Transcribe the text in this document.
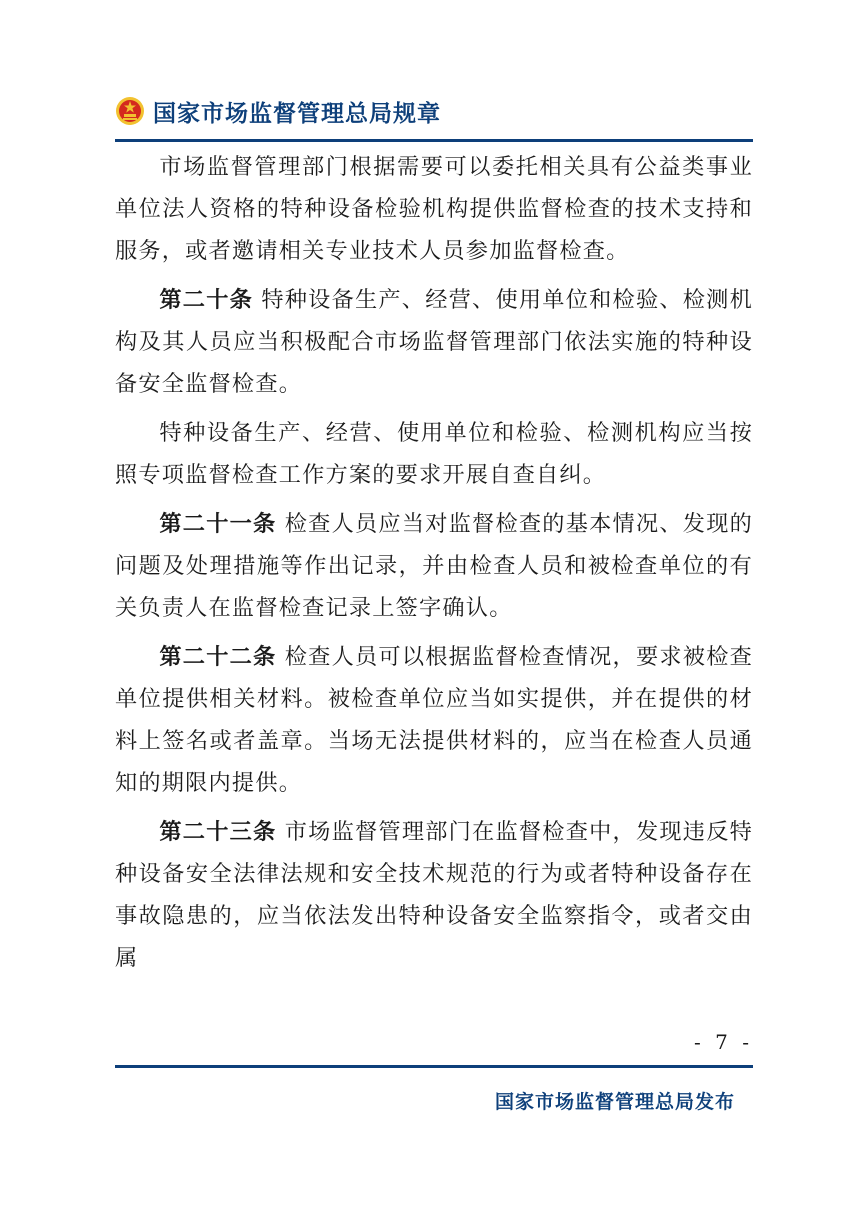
国家市场监督管理总局规章

市场监督管理部门根据需要可以委托相关具有公益类事业单位法人资格的特种设备检验机构提供监督检查的技术支持和服务，或者邀请相关专业技术人员参加监督检查。

第二十条 特种设备生产、经营、使用单位和检验、检测机构及其人员应当积极配合市场监督管理部门依法实施的特种设备安全监督检查。

特种设备生产、经营、使用单位和检验、检测机构应当按照专项监督检查工作方案的要求开展自查自纠。

第二十一条 检查人员应当对监督检查的基本情况、发现的问题及处理措施等作出记录，并由检查人员和被检查单位的有关负责人在监督检查记录上签字确认。

第二十二条 检查人员可以根据监督检查情况，要求被检查单位提供相关材料。被检查单位应当如实提供，并在提供的材料上签名或者盖章。当场无法提供材料的，应当在检查人员通知的期限内提供。

第二十三条 市场监督管理部门在监督检查中，发现违反特种设备安全法律法规和安全技术规范的行为或者特种设备存在事故隐患的，应当依法发出特种设备安全监察指令，或者交由属

- 7 -
国家市场监督管理总局发布
